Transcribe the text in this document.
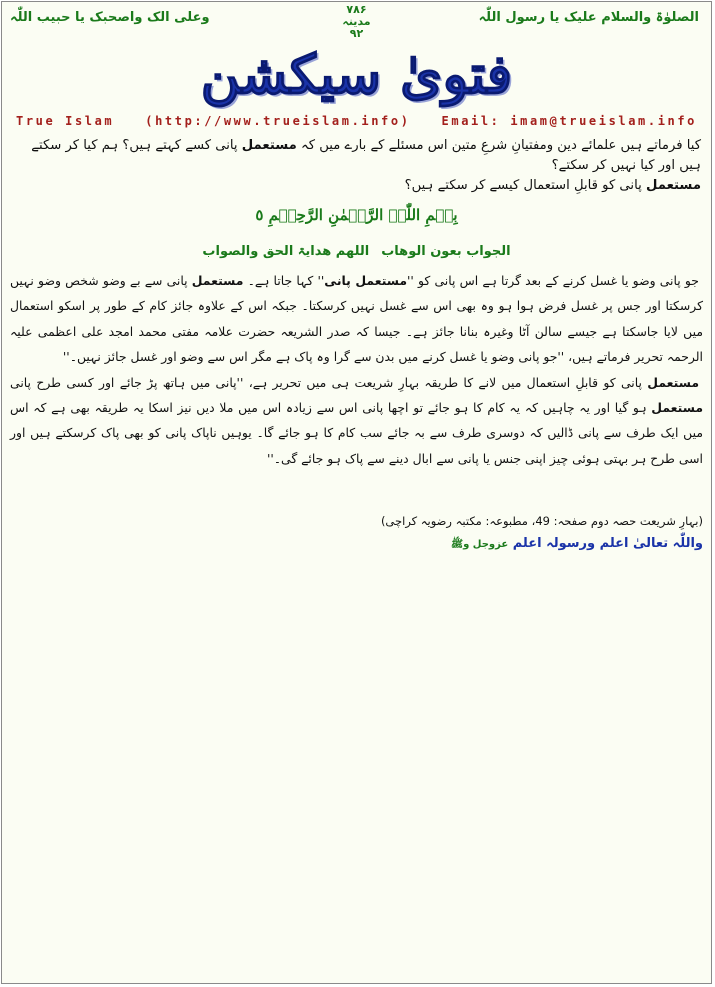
الصلوٰۃ والسلام علیک یا رسول اللّٰہ
۷۸۶
مدینہ
۹۲
وعلى الک واصحبک یا حبیب اللّٰہ
فتویٰ سیکشن
True Islam	(http://www.trueislam.info)	Email: imam@trueislam.info
کیا فرماتے ہیں علمائے دین ومفتیانِ شرعِ متین اس مسئلے کے بارے میں کہ مستعمل پانی کسے کہتے ہیں؟ ہم کیا کر سکتے ہیں اور کیا نہیں کر سکتے؟
مستعمل پانی کو قابلِ استعمال کیسے کر سکتے ہیں؟
بِسۡمِ اللّٰہِ الرَّحۡمٰنِ الرَّحِیۡمِ ٥
الجواب بعون الوھاباللھم ھدایۃ الحق والصواب

جو پانی وضو یا غسل کرنے کے بعد گرتا ہے اس پانی کو ''مستعمل پانی'' کہا جاتا ہے۔ مستعمل پانی سے بے وضو شخص وضو نہیں کرسکتا اور جس پر غسل فرض ہوا ہو وہ بھی اس سے غسل نہیں کرسکتا۔ جبکہ اس کے علاوہ جائز کام کے طور پر اسکو استعمال میں لایا جاسکتا ہے جیسے سالن آٹا وغیرہ بنانا جائز ہے۔ جیسا کہ صدر الشریعہ حضرت علامہ مفتی محمد امجد علی اعظمی علیہ الرحمہ تحریر فرماتے ہیں، ''جو پانی وضو یا غسل کرنے میں بدن سے گرا وہ پاک ہے مگر اس سے وضو اور غسل جائز نہیں۔''

مستعمل پانی کو قابلِ استعمال میں لانے کا طریقہ بہارِ شریعت ہی میں تحریر ہے، ''پانی میں ہاتھ پڑ جائے اور کسی طرح پانی مستعمل ہو گیا اور یہ چاہیں کہ یہ کام کا ہو جائے تو اچھا پانی اس سے زیادہ اس میں ملا دیں نیز اسکا یہ طریقہ بھی ہے کہ اس میں ایک طرف سے پانی ڈالیں کہ دوسری طرف سے بہ جائے سب کام کا ہو جائے گا۔ یوہیں ناپاک پانی کو بھی پاک کرسکتے ہیں اور اسی طرح ہر بہتی ہوئی چیز اپنی جنس یا پانی سے ابال دینے سے پاک ہو جائے گی۔''

(بہارِ شریعت حصہ دوم صفحہ: 49، مطبوعہ: مکتبہ رضویہ کراچی)
واللّٰہ تعالیٰ اعلم ورسولہ اعلم عزوجل وﷺ
